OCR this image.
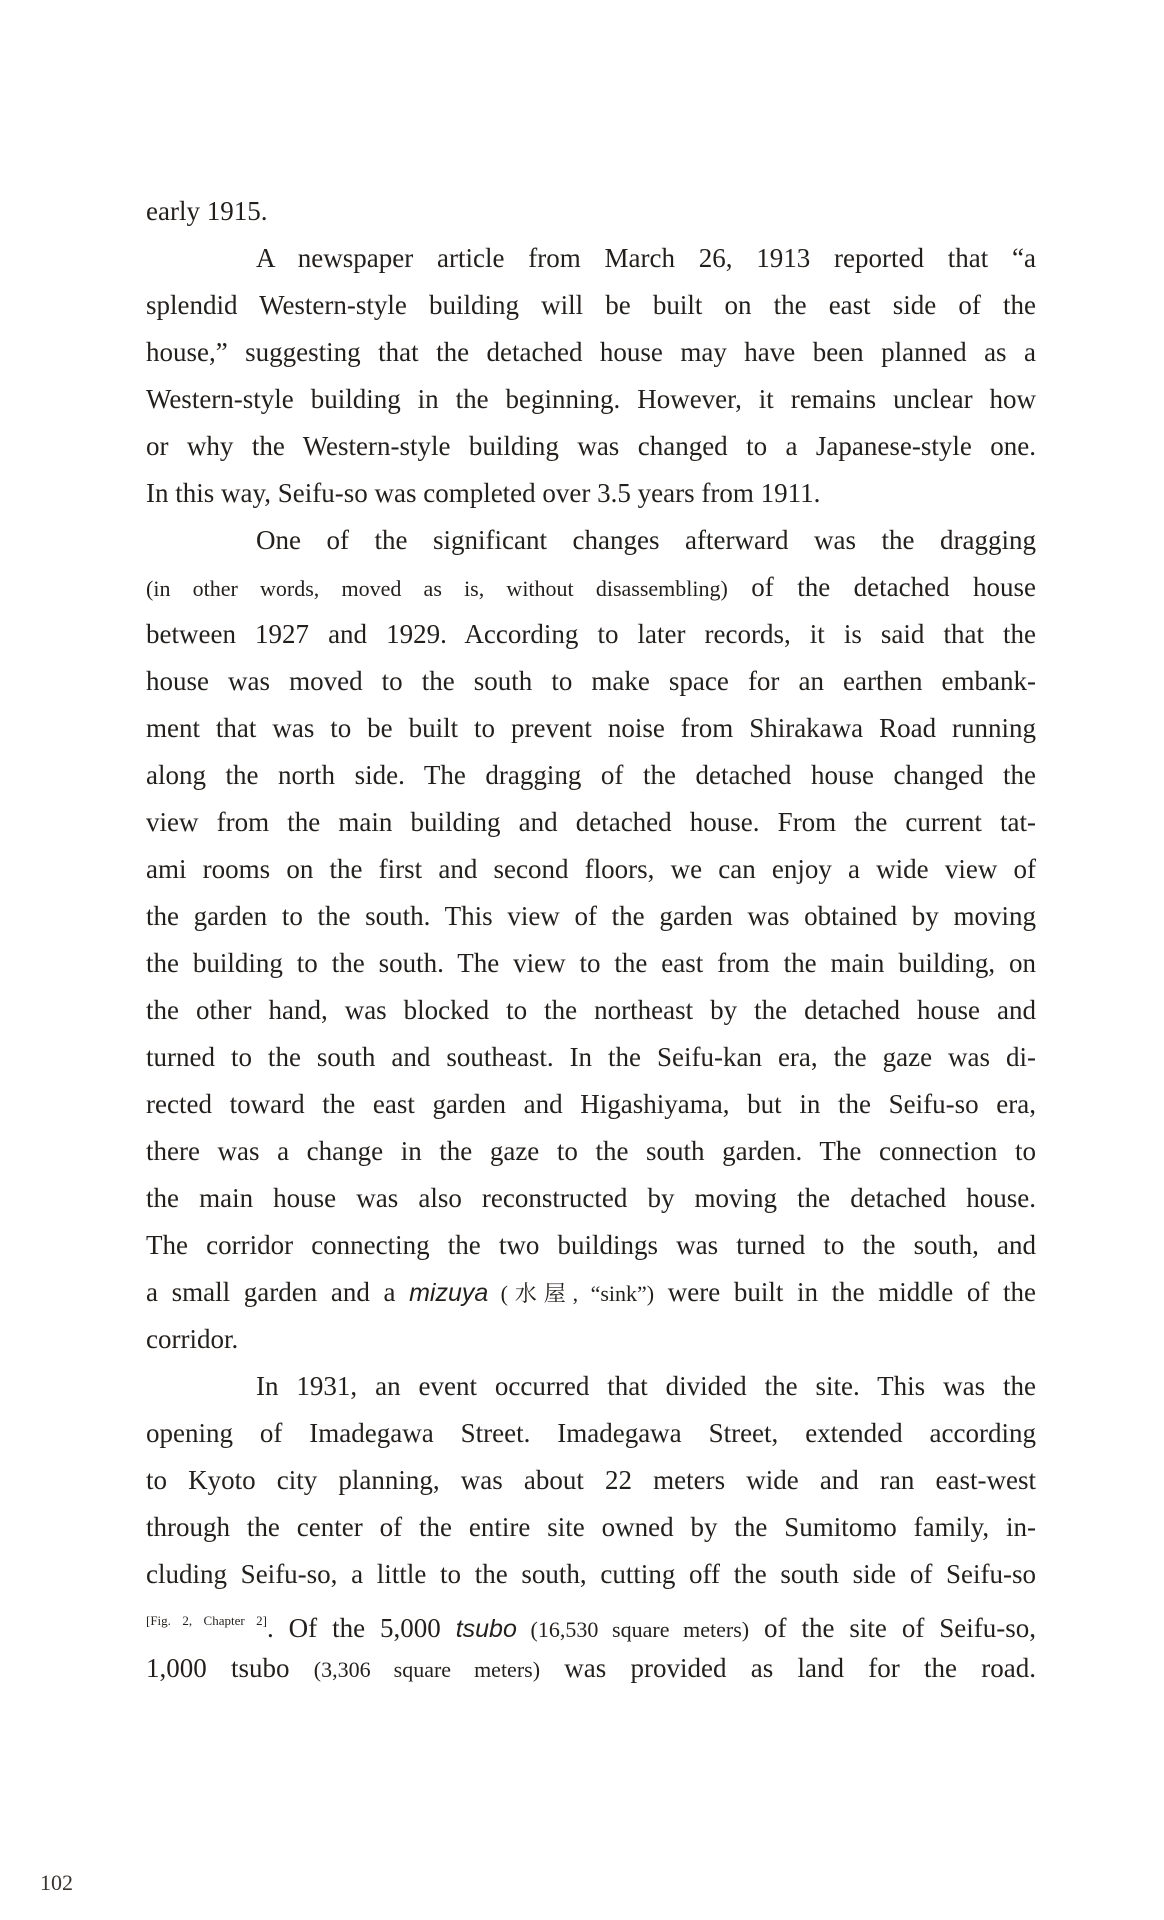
early 1915.
A newspaper article from March 26, 1913 reported that “a
splendid Western-style building will be built on the east side of the
house,” suggesting that the detached house may have been planned as a
Western-style building in the beginning. However, it remains unclear how
or why the Western-style building was changed to a Japanese-style one.
In this way, Seifu-so was completed over 3.5 years from 1911.
One of the significant changes afterward was the dragging
(in other words, moved as is, without disassembling) of the detached house
between 1927 and 1929. According to later records, it is said that the
house was moved to the south to make space for an earthen embank-
ment that was to be built to prevent noise from Shirakawa Road running
along the north side. The dragging of the detached house changed the
view from the main building and detached house. From the current tat-
ami rooms on the first and second floors, we can enjoy a wide view of
the garden to the south. This view of the garden was obtained by moving
the building to the south. The view to the east from the main building, on
the other hand, was blocked to the northeast by the detached house and
turned to the south and southeast. In the Seifu-kan era, the gaze was di-
rected toward the east garden and Higashiyama, but in the Seifu-so era,
there was a change in the gaze to the south garden. The connection to
the main house was also reconstructed by moving the detached house.
The corridor connecting the two buildings was turned to the south, and
a small garden and a mizuya (水屋, “sink”) were built in the middle of the
corridor.
In 1931, an event occurred that divided the site. This was the
opening of Imadegawa Street. Imadegawa Street, extended according
to Kyoto city planning, was about 22 meters wide and ran east-west
through the center of the entire site owned by the Sumitomo family, in-
cluding Seifu-so, a little to the south, cutting off the south side of Seifu-so
[Fig. 2, Chapter 2]. Of the 5,000 tsubo (16,530 square meters) of the site of Seifu-so,
1,000 tsubo (3,306 square meters) was provided as land for the road.
102
